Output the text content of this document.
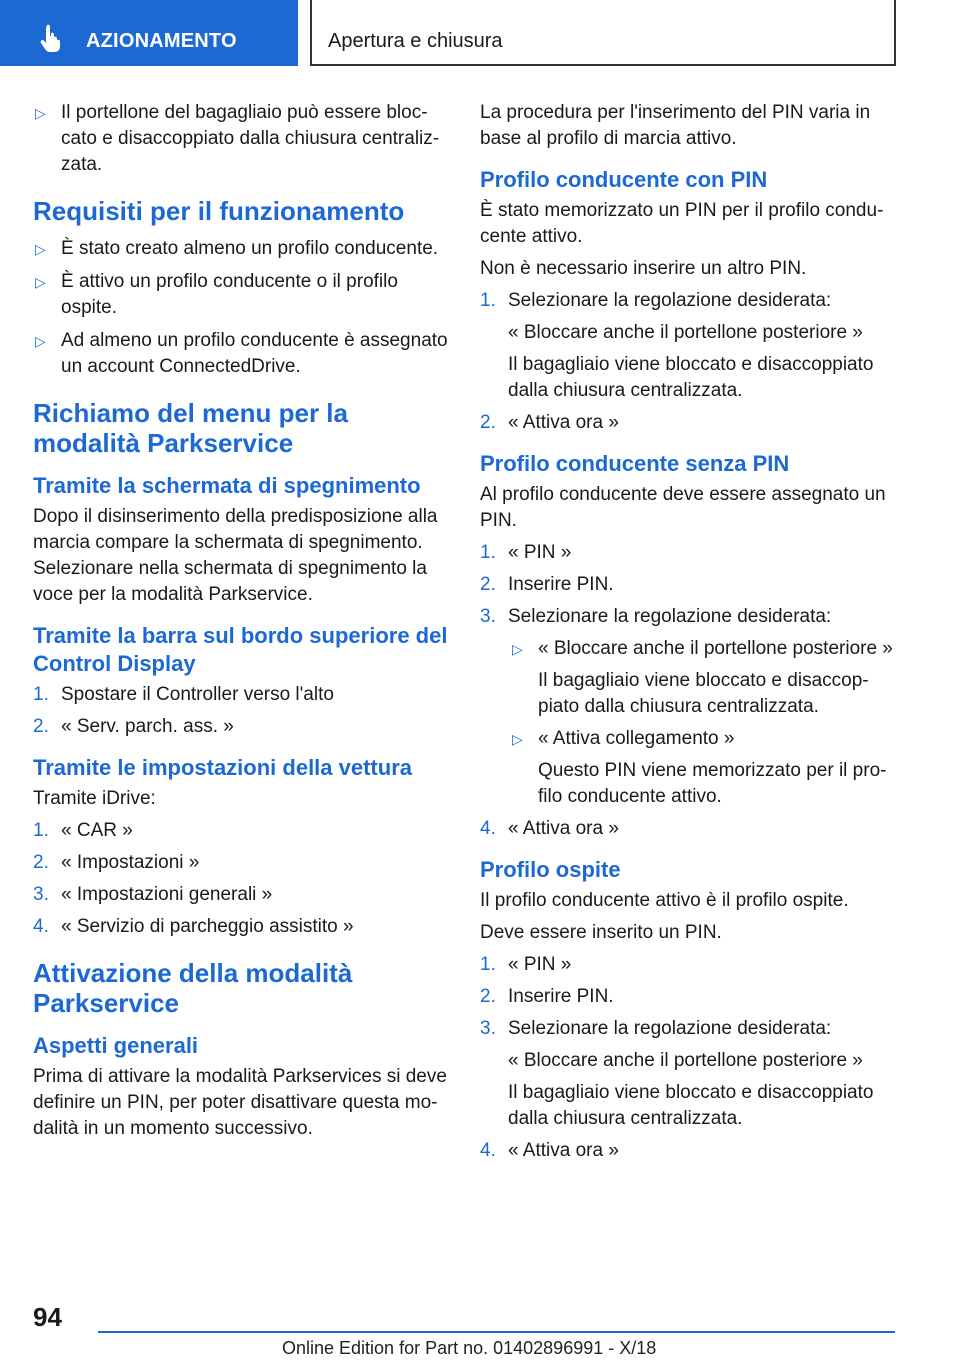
AZIONAMENTO	Apertura e chiusura
▷ Il portellone del bagagliaio può essere bloccato e disaccoppiato dalla chiusura centralizzata.
Requisiti per il funzionamento
▷ È stato creato almeno un profilo conducente.
▷ È attivo un profilo conducente o il profilo ospite.
▷ Ad almeno un profilo conducente è assegnato un account ConnectedDrive.
Richiamo del menu per la modalità Parkservice
Tramite la schermata di spegnimento

Dopo il disinserimento della predisposizione alla marcia compare la schermata di spegnimento. Selezionare nella schermata di spegnimento la voce per la modalità Parkservice.

Tramite la barra sul bordo superiore del Control Display
1. Spostare il Controller verso l'alto
2. « Serv. parch. ass. »
Tramite le impostazioni della vettura

Tramite iDrive:

1. « CAR »
2. « Impostazioni »
3. « Impostazioni generali »
4. « Servizio di parcheggio assistito »
Attivazione della modalità Parkservice
Aspetti generali

Prima di attivare la modalità Parkservices si deve definire un PIN, per poter disattivare questa modalità in un momento successivo.

La procedura per l'inserimento del PIN varia in base al profilo di marcia attivo.

Profilo conducente con PIN

È stato memorizzato un PIN per il profilo conducente attivo.

Non è necessario inserire un altro PIN.

1. Selezionare la regolazione desiderata:
« Bloccare anche il portellone posteriore »
Il bagagliaio viene bloccato e disaccoppiato dalla chiusura centralizzata.
2. « Attiva ora »
Profilo conducente senza PIN

Al profilo conducente deve essere assegnato un PIN.

1. « PIN »
2. Inserire PIN.
3. Selezionare la regolazione desiderata:
▷ « Bloccare anche il portellone posteriore »
Il bagagliaio viene bloccato e disaccoppiato dalla chiusura centralizzata.
▷ « Attiva collegamento »
Questo PIN viene memorizzato per il profilo conducente attivo.
4. « Attiva ora »
Profilo ospite

Il profilo conducente attivo è il profilo ospite.

Deve essere inserito un PIN.

1. « PIN »
2. Inserire PIN.
3. Selezionare la regolazione desiderata:
« Bloccare anche il portellone posteriore »
Il bagagliaio viene bloccato e disaccoppiato dalla chiusura centralizzata.
4. « Attiva ora »
94
Online Edition for Part no. 01402896991 - X/18
